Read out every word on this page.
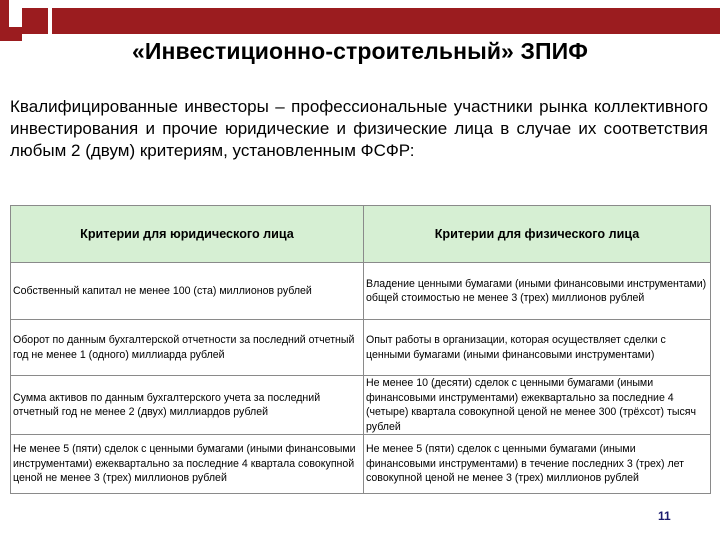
«Инвестиционно-строительный» ЗПИФ
Квалифицированные инвесторы – профессиональные участники рынка коллективного инвестирования и прочие юридические и физические лица в случае их соответствия любым 2 (двум) критериям, установленным ФСФР:
Критерии для юридического лица	Критерии для физического лица
Собственный капитал не менее 100 (ста) миллионов рублей	Владение ценными бумагами (иными финансовыми инструментами) общей стоимостью не менее 3 (трех) миллионов рублей
Оборот по данным бухгалтерской отчетности за последний отчетный год не менее 1 (одного) миллиарда рублей	Опыт работы в организации, которая осуществляет сделки с ценными бумагами (иными финансовыми инструментами)
Сумма активов по данным бухгалтерского учета за последний отчетный год не менее 2 (двух) миллиардов рублей	Не менее 10 (десяти) сделок с ценными бумагами (иными финансовыми инструментами) ежеквартально за последние 4 (четыре) квартала совокупной ценой не менее 300 (трёхсот) тысяч рублей
Не менее 5 (пяти) сделок с ценными бумагами (иными финансовыми инструментами) ежеквартально за последние 4 квартала совокупной ценой не менее 3 (трех) миллионов рублей	Не менее 5 (пяти) сделок с ценными бумагами (иными финансовыми инструментами) в течение последних 3 (трех) лет совокупной ценой не менее 3 (трех) миллионов рублей
11
